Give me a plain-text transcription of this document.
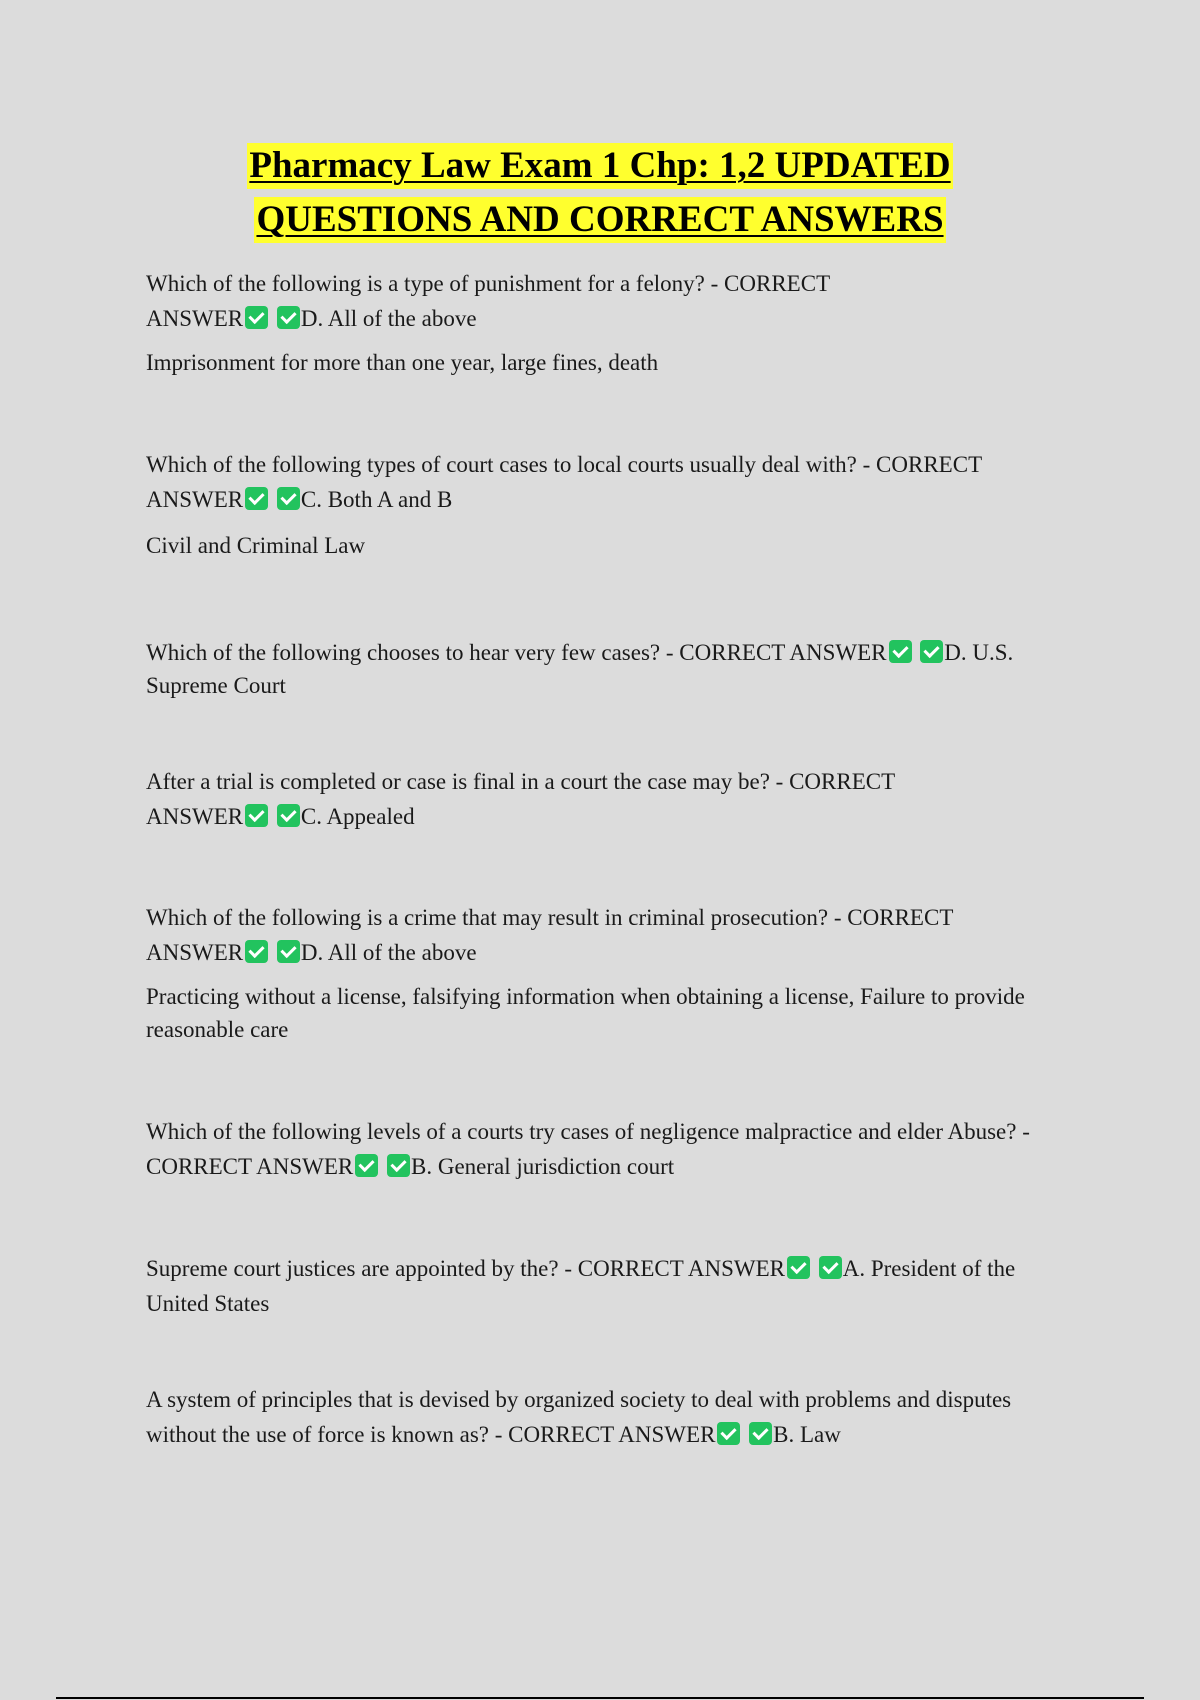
Pharmacy Law Exam 1 Chp: 1,2 UPDATED
QUESTIONS AND CORRECT ANSWERS

Which of the following is a type of punishment for a felony? - CORRECT
ANSWER	D. All of the above

Imprisonment for more than one year, large fines, death

Which of the following types of court cases to local courts usually deal with? - CORRECT
ANSWER	C. Both A and B

Civil and Criminal Law

Which of the following chooses to hear very few cases? - CORRECT ANSWER	D. U.S. Supreme Court

After a trial is completed or case is final in a court the case may be? - CORRECT
ANSWER	C. Appealed

Which of the following is a crime that may result in criminal prosecution? - CORRECT
ANSWER	D. All of the above

Practicing without a license, falsifying information when obtaining a license, Failure to provide reasonable care

Which of the following levels of a courts try cases of negligence malpractice and elder Abuse? - CORRECT ANSWER	B. General jurisdiction court

Supreme court justices are appointed by the? - CORRECT ANSWER	A. President of the United States

A system of principles that is devised by organized society to deal with problems and disputes without the use of force is known as? - CORRECT ANSWER	B. Law
